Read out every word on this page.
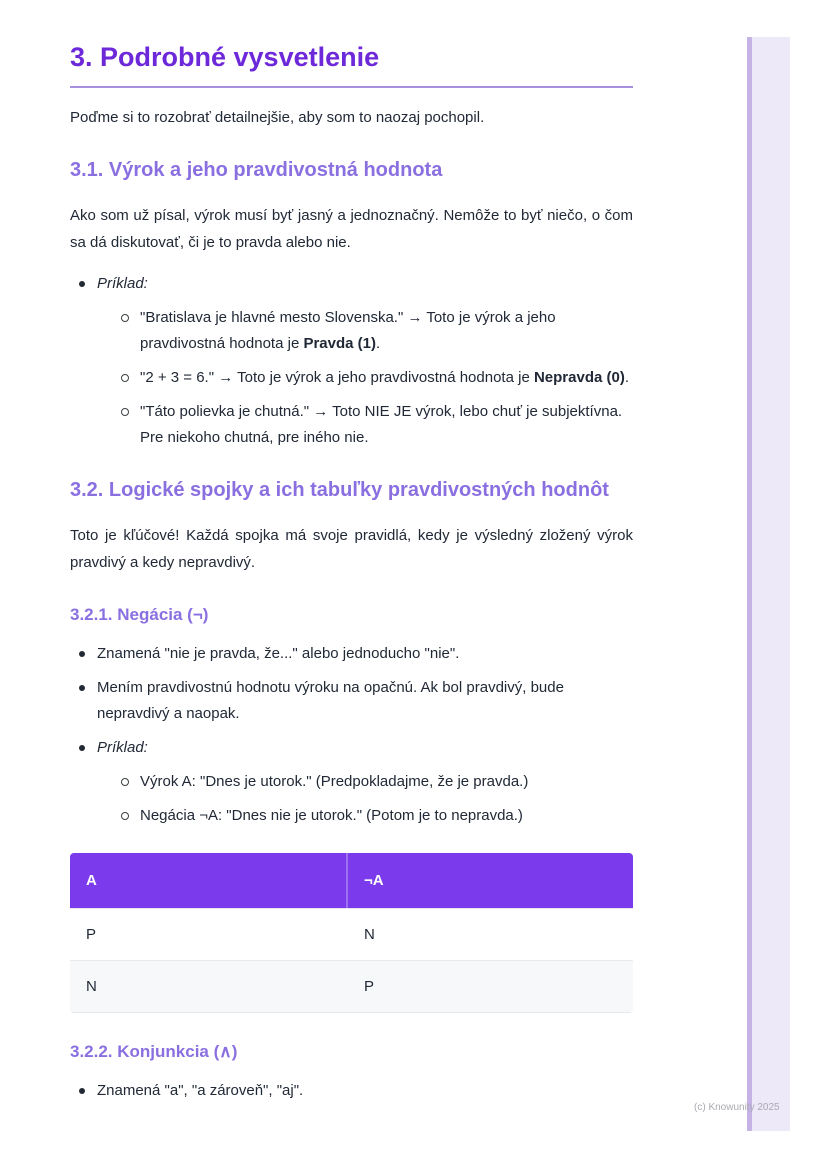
3. Podrobné vysvetlenie

Poďme si to rozobrať detailnejšie, aby som to naozaj pochopil.

3.1. Výrok a jeho pravdivostná hodnota

Ako som už písal, výrok musí byť jasný a jednoznačný. Nemôže to byť niečo, o čom sa dá diskutovať, či je to pravda alebo nie.

Príklad:
"Bratislava je hlavné mesto Slovenska." → Toto je výrok a jeho pravdivostná hodnota je Pravda (1).
"2 + 3 = 6." → Toto je výrok a jeho pravdivostná hodnota je Nepravda (0).
"Táto polievka je chutná." → Toto NIE JE výrok, lebo chuť je subjektívna. Pre niekoho chutná, pre iného nie.
3.2. Logické spojky a ich tabuľky pravdivostných hodnôt

Toto je kľúčové! Každá spojka má svoje pravidlá, kedy je výsledný zložený výrok pravdivý a kedy nepravdivý.

3.2.1. Negácia (¬)
Znamená "nie je pravda, že..." alebo jednoducho "nie".
Mením pravdivostnú hodnotu výroku na opačnú. Ak bol pravdivý, bude nepravdivý a naopak.
Príklad:
Výrok A: "Dnes je utorok." (Predpokladajme, že je pravda.)
Negácia ¬A: "Dnes nie je utorok." (Potom je to nepravda.)
A	¬A
P	N
N	P
3.2.2. Konjunkcia (∧)
Znamená "a", "a zároveň", "aj".
(c) Knowunity 2025
